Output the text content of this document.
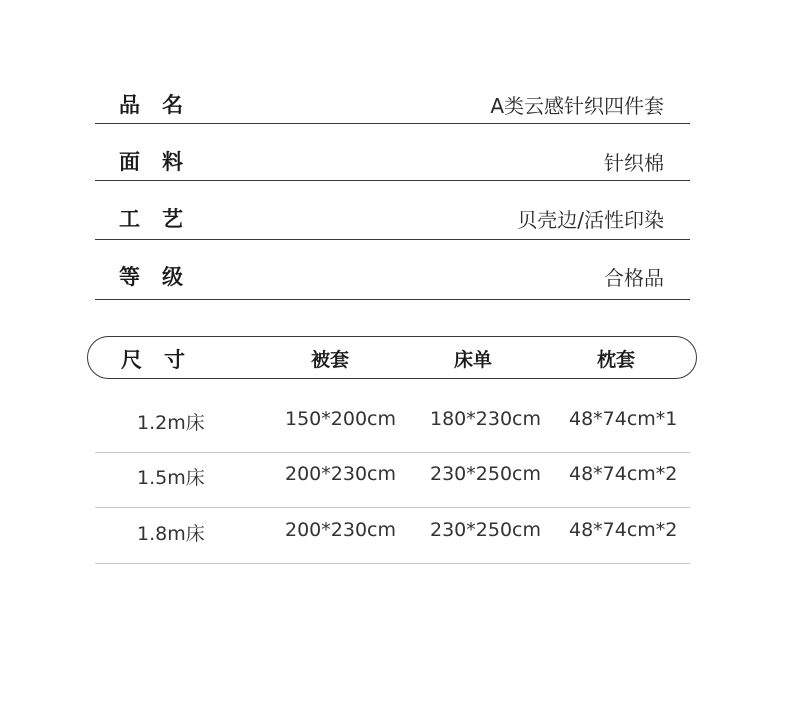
品名	A类云感针织四件套
面料	针织棉
工艺	贝壳边/活性印染
等级	合格品
尺寸	被套	床单	枕套
1.2m床	150*200cm 180*230cm 48*74cm*1
1.5m床	200*230cm 230*250cm 48*74cm*2
1.8m床	200*230cm 230*250cm 48*74cm*2
